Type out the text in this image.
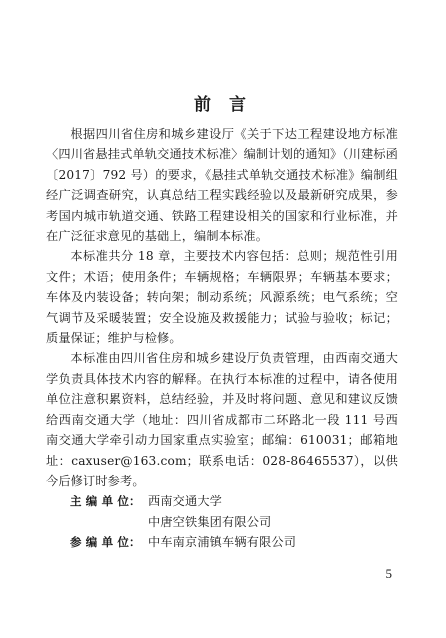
前 言

根据四川省住房和城乡建设厅《关于下达工程建设地方标准〈四川省悬挂式单轨交通技术标准〉编制计划的通知》（川建标函〔2017〕792 号）的要求，《悬挂式单轨交通技术标准》编制组经广泛调查研究，认真总结工程实践经验以及最新研究成果，参考国内城市轨道交通、铁路工程建设相关的国家和行业标准，并在广泛征求意见的基础上，编制本标准。

本标准共分 18 章，主要技术内容包括：总则；规范性引用文件；术语；使用条件；车辆规格；车辆限界；车辆基本要求；车体及内装设备；转向架；制动系统；风源系统；电气系统；空气调节及采暖装置；安全设施及救援能力；试验与验收；标记；质量保证；维护与检修。

本标准由四川省住房和城乡建设厅负责管理，由西南交通大学负责具体技术内容的解释。在执行本标准的过程中，请各使用单位注意积累资料，总结经验，并及时将问题、意见和建议反馈给西南交通大学（地址：四川省成都市二环路北一段 111 号西南交通大学牵引动力国家重点实验室；邮编：610031；邮箱地址：caxuser@163.com；联系电话：028-86465537），以供今后修订时参考。

主 编 单 位： 西南交通大学
中唐空铁集团有限公司
参 编 单 位： 中车南京浦镇车辆有限公司
5
